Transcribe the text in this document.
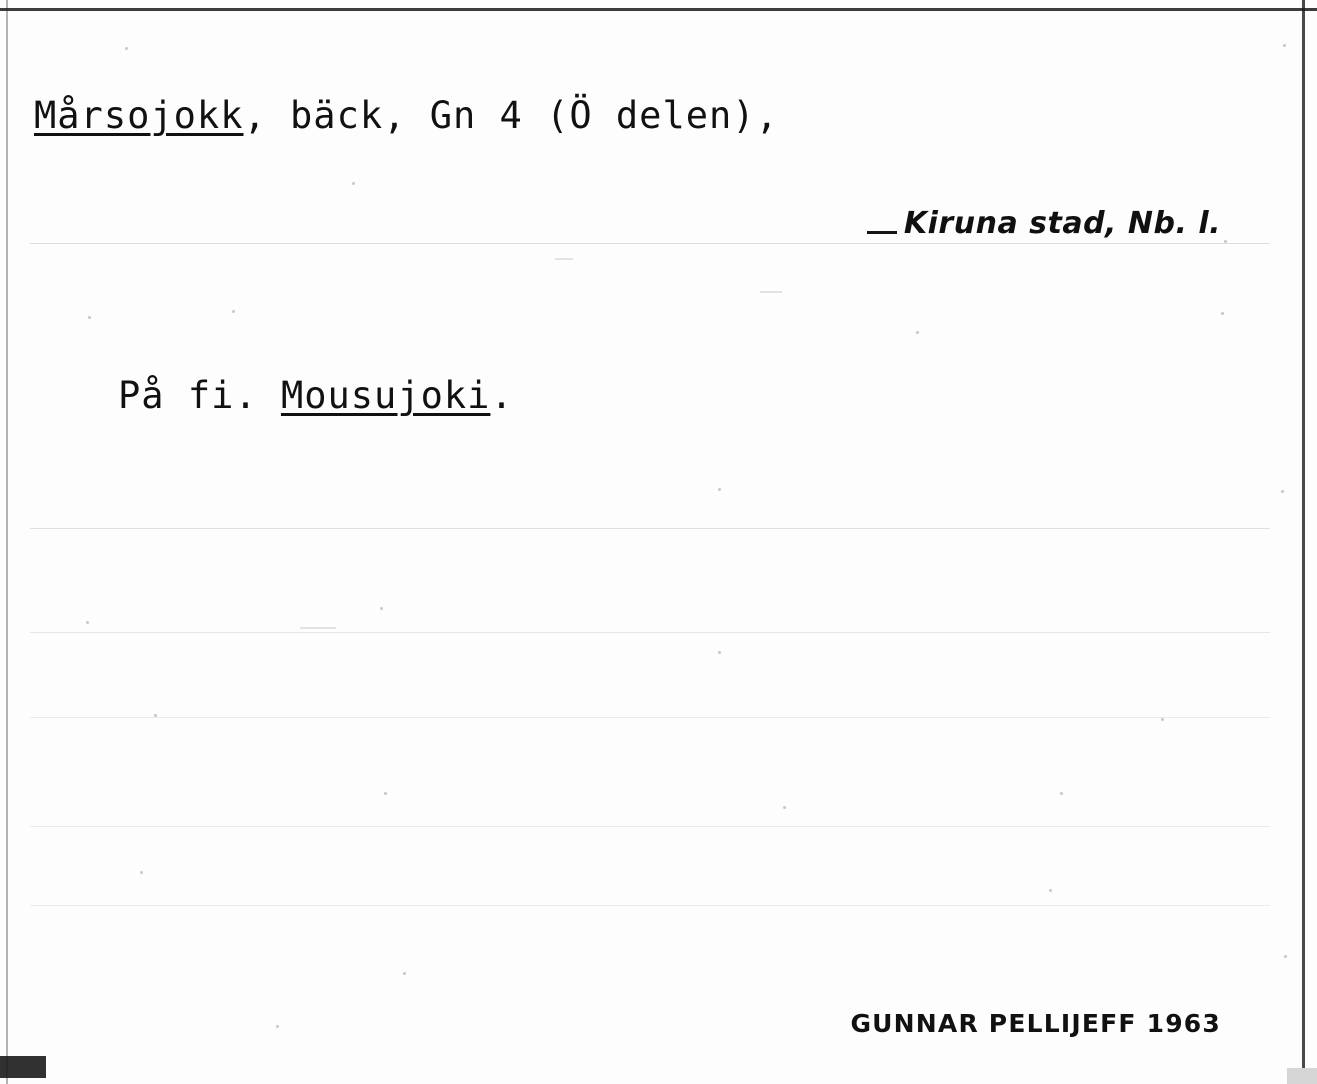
Mårsojokk, bäck, Gn 4 (Ö delen),
Kiruna stad, Nb. l.
På fi. Mousujoki.
GUNNAR PELLIJEFF 1963
